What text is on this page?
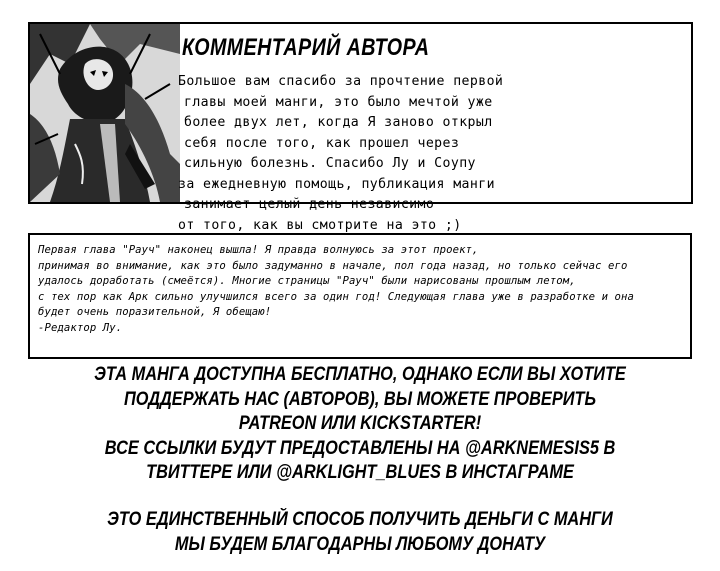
КОММЕНТАРИЙ АВТОРА
Большое вам спасибо за прочтение первой
главы моей манги, это было мечтой уже
более двух лет, когда Я заново открыл
себя после того, как прошел через
сильную болезнь. Спасибо Лу и Соупу
за ежедневную помощь, публикация манги
занимает целый день независимо
от того, как вы смотрите на это ;)
Первая глава "Рауч" наконец вышла! Я правда волнуюсь за этот проект,
принимая во внимание, как это было задуманно в начале, пол года назад, но только сейчас его
удалось доработать (смеётся). Многие страницы "Рауч" были нарисованы прошлым летом,
с тех пор как Арк сильно улучшился всего за один год! Следующая глава уже в разработке и она
будет очень поразительной, Я обещаю!
-Редактор Лу.
ЭТА МАНГА ДОСТУПНА БЕСПЛАТНО, ОДНАКО ЕСЛИ ВЫ ХОТИТЕ
ПОДДЕРЖАТЬ НАС (АВТОРОВ), ВЫ МОЖЕТЕ ПРОВЕРИТЬ
PATREON ИЛИ KICKSTARTER!
ВСЕ ССЫЛКИ БУДУТ ПРЕДОСТАВЛЕНЫ НА @ARKNEMESIS5 В
ТВИТТЕРЕ ИЛИ @ARKLIGHT_BLUES В ИНСТАГРАМЕ
ЭТО ЕДИНСТВЕННЫЙ СПОСОБ ПОЛУЧИТЬ ДЕНЬГИ С МАНГИ
МЫ БУДЕМ БЛАГОДАРНЫ ЛЮБОМУ ДОНАТУ
